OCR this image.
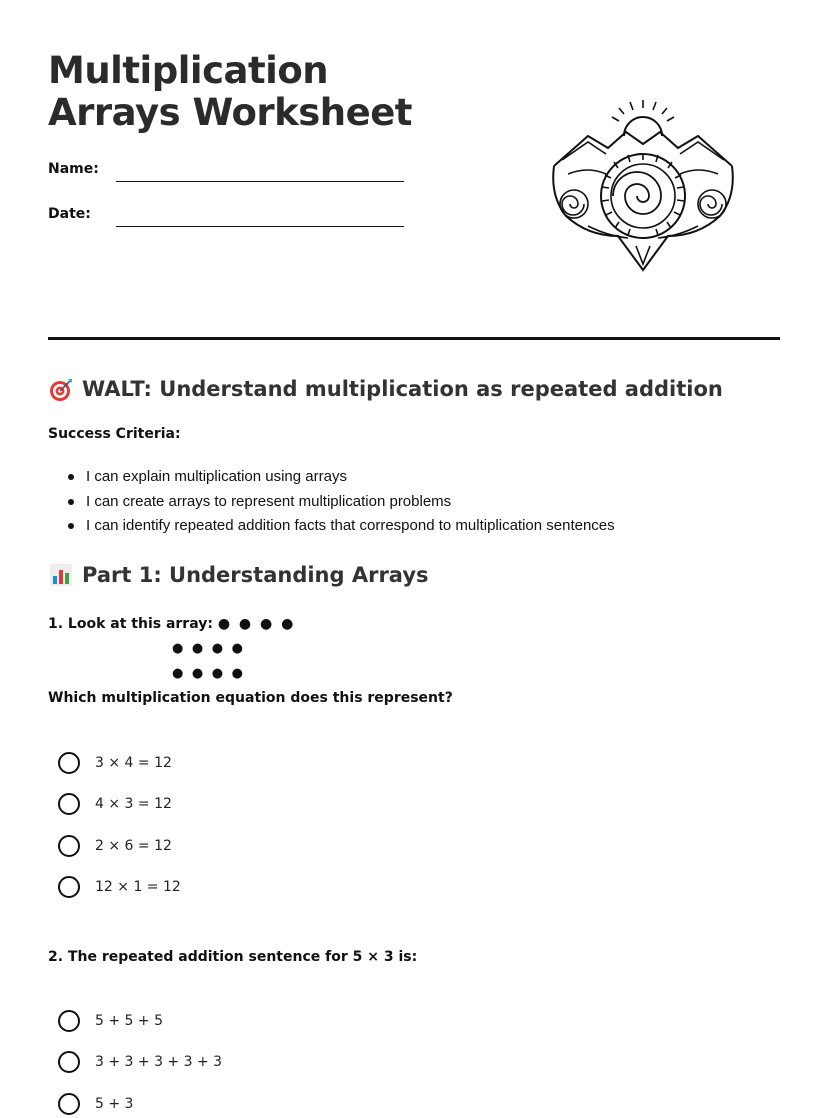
Multiplication Arrays Worksheet
Name:
Date:
WALT: Understand multiplication as repeated addition
Success Criteria:
I can explain multiplication using arrays
I can create arrays to represent multiplication problems
I can identify repeated addition facts that correspond to multiplication sentences
Part 1: Understanding Arrays
1. Look at this array: ● ● ● ●
● ● ● ●
● ● ● ●
Which multiplication equation does this represent?
3 × 4 = 12
4 × 3 = 12
2 × 6 = 12
12 × 1 = 12
2. The repeated addition sentence for 5 × 3 is:
5 + 5 + 5
3 + 3 + 3 + 3 + 3
5 + 3
